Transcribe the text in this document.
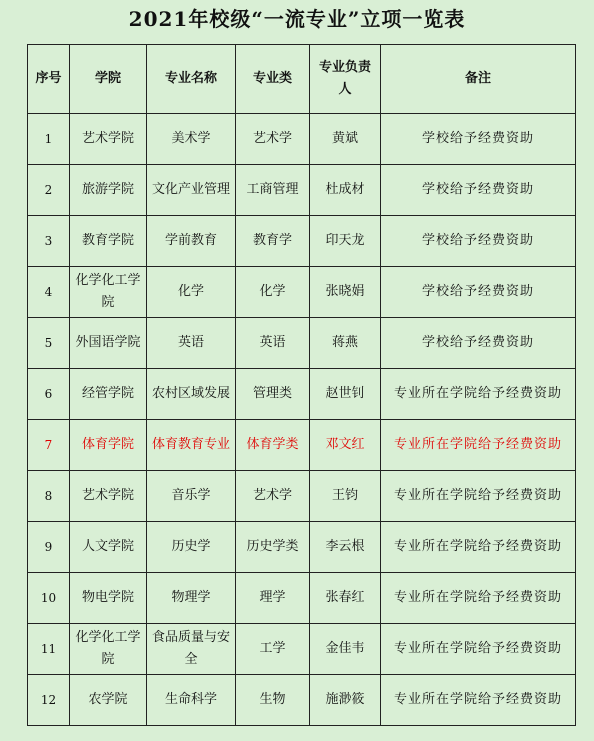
2021年校级“一流专业”立项一览表
序号	学院	专业名称	专业类	专业负责人	备注
1	艺术学院	美术学	艺术学	黄斌	学校给予经费资助
2	旅游学院	文化产业管理	工商管理	杜成材	学校给予经费资助
3	教育学院	学前教育	教育学	印天龙	学校给予经费资助
4	化学化工学院	化学	化学	张晓娟	学校给予经费资助
5	外国语学院	英语	英语	蒋燕	学校给予经费资助
6	经管学院	农村区域发展	管理类	赵世钊	专业所在学院给予经费资助
7	体育学院	体育教育专业	体育学类	邓文红	专业所在学院给予经费资助
8	艺术学院	音乐学	艺术学	王钧	专业所在学院给予经费资助
9	人文学院	历史学	历史学类	李云根	专业所在学院给予经费资助
10	物电学院	物理学	理学	张春红	专业所在学院给予经费资助
11	化学化工学院	食品质量与安全	工学	金佳韦	专业所在学院给予经费资助
12	农学院	生命科学	生物	施渺筱	专业所在学院给予经费资助
